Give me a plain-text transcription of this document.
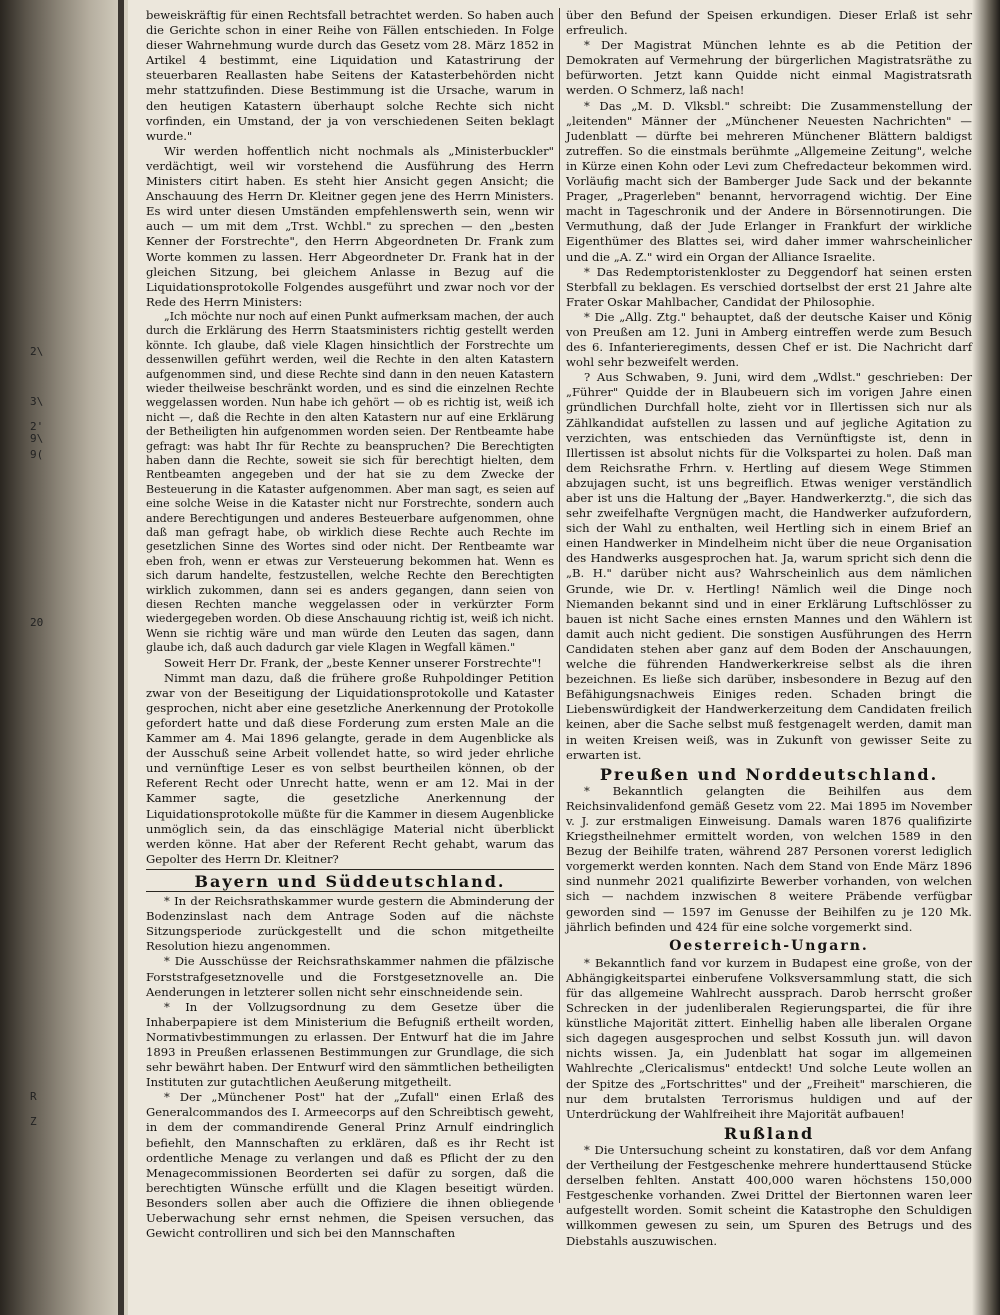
2\
3\
2'
9\
9(
20
R
Z

beweiskräftig für einen Rechtsfall betrachtet werden. So haben auch die Gerichte schon in einer Reihe von Fällen entschieden. In Folge dieser Wahrnehmung wurde durch das Gesetz vom 28. März 1852 in Artikel 4 bestimmt, eine Liquidation und Katastrirung der steuerbaren Reallasten habe Seitens der Katasterbehörden nicht mehr stattzufinden. Diese Bestimmung ist die Ursache, warum in den heutigen Katastern überhaupt solche Rechte sich nicht vorfinden, ein Umstand, der ja von verschiedenen Seiten beklagt wurde."

Wir werden hoffentlich nicht nochmals als „Ministerbuckler" verdächtigt, weil wir vorstehend die Ausführung des Herrn Ministers citirt haben. Es steht hier Ansicht gegen Ansicht; die Anschauung des Herrn Dr. Kleitner gegen jene des Herrn Ministers. Es wird unter diesen Umständen empfehlenswerth sein, wenn wir auch — um mit dem „Trst. Wchbl." zu sprechen — den „besten Kenner der Forstrechte", den Herrn Abgeordneten Dr. Frank zum Worte kommen zu lassen. Herr Abgeordneter Dr. Frank hat in der gleichen Sitzung, bei gleichem Anlasse in Bezug auf die Liquidationsprotokolle Folgendes ausgeführt und zwar noch vor der Rede des Herrn Ministers:

„Ich möchte nur noch auf einen Punkt aufmerksam machen, der auch durch die Erklärung des Herrn Staatsministers richtig gestellt werden könnte. Ich glaube, daß viele Klagen hinsichtlich der Forstrechte um dessenwillen geführt werden, weil die Rechte in den alten Katastern aufgenommen sind, und diese Rechte sind dann in den neuen Katastern wieder theilweise beschränkt worden, und es sind die einzelnen Rechte weggelassen worden. Nun habe ich gehört — ob es richtig ist, weiß ich nicht —, daß die Rechte in den alten Katastern nur auf eine Erklärung der Betheiligten hin aufgenommen worden seien. Der Rentbeamte habe gefragt: was habt Ihr für Rechte zu beanspruchen? Die Berechtigten haben dann die Rechte, soweit sie sich für berechtigt hielten, dem Rentbeamten angegeben und der hat sie zu dem Zwecke der Besteuerung in die Kataster aufgenommen. Aber man sagt, es seien auf eine solche Weise in die Kataster nicht nur Forstrechte, sondern auch andere Berechtigungen und anderes Besteuerbare aufgenommen, ohne daß man gefragt habe, ob wirklich diese Rechte auch Rechte im gesetzlichen Sinne des Wortes sind oder nicht. Der Rentbeamte war eben froh, wenn er etwas zur Versteuerung bekommen hat. Wenn es sich darum handelte, festzustellen, welche Rechte den Berechtigten wirklich zukommen, dann sei es anders gegangen, dann seien von diesen Rechten manche weggelassen oder in verkürzter Form wiedergegeben worden. Ob diese Anschauung richtig ist, weiß ich nicht. Wenn sie richtig wäre und man würde den Leuten das sagen, dann glaube ich, daß auch dadurch gar viele Klagen in Wegfall kämen."

Soweit Herr Dr. Frank, der „beste Kenner unserer Forstrechte"!

Nimmt man dazu, daß die frühere große Ruhpoldinger Petition zwar von der Beseitigung der Liquidationsprotokolle und Kataster gesprochen, nicht aber eine gesetzliche Anerkennung der Protokolle gefordert hatte und daß diese Forderung zum ersten Male an die Kammer am 4. Mai 1896 gelangte, gerade in dem Augenblicke als der Ausschuß seine Arbeit vollendet hatte, so wird jeder ehrliche und vernünftige Leser es von selbst beurtheilen können, ob der Referent Recht oder Unrecht hatte, wenn er am 12. Mai in der Kammer sagte, die gesetzliche Anerkennung der Liquidationsprotokolle müßte für die Kammer in diesem Augenblicke unmöglich sein, da das einschlägige Material nicht überblickt werden könne. Hat aber der Referent Recht gehabt, warum das Gepolter des Herrn Dr. Kleitner?

Bayern und Süddeutschland.

* In der Reichsrathskammer wurde gestern die Abminderung der Bodenzinslast nach dem Antrage Soden auf die nächste Sitzungsperiode zurückgestellt und die schon mitgetheilte Resolution hiezu angenommen.

* Die Ausschüsse der Reichsrathskammer nahmen die pfälzische Forststrafgesetznovelle und die Forstgesetznovelle an. Die Aenderungen in letzterer sollen nicht sehr einschneidende sein.

* In der Vollzugsordnung zu dem Gesetze über die Inhaberpapiere ist dem Ministerium die Befugniß ertheilt worden, Normativbestimmungen zu erlassen. Der Entwurf hat die im Jahre 1893 in Preußen erlassenen Bestimmungen zur Grundlage, die sich sehr bewährt haben. Der Entwurf wird den sämmtlichen betheiligten Instituten zur gutachtlichen Aeußerung mitgetheilt.

* Der „Münchener Post" hat der „Zufall" einen Erlaß des Generalcommandos des I. Armeecorps auf den Schreibtisch geweht, in dem der commandirende General Prinz Arnulf eindringlich befiehlt, den Mannschaften zu erklären, daß es ihr Recht ist ordentliche Menage zu verlangen und daß es Pflicht der zu den Menagecommissionen Beorderten sei dafür zu sorgen, daß die berechtigten Wünsche erfüllt und die Klagen beseitigt würden. Besonders sollen aber auch die Offiziere die ihnen obliegende Ueberwachung sehr ernst nehmen, die Speisen versuchen, das Gewicht controlliren und sich bei den Mannschaften

über den Befund der Speisen erkundigen. Dieser Erlaß ist sehr erfreulich.

* Der Magistrat München lehnte es ab die Petition der Demokraten auf Vermehrung der bürgerlichen Magistratsräthe zu befürworten. Jetzt kann Quidde nicht einmal Magistratsrath werden. O Schmerz, laß nach!

* Das „M. D. Vlksbl." schreibt: Die Zusammenstellung der „leitenden" Männer der „Münchener Neuesten Nachrichten" — Judenblatt — dürfte bei mehreren Münchener Blättern baldigst zutreffen. So die einstmals berühmte „Allgemeine Zeitung", welche in Kürze einen Kohn oder Levi zum Chefredacteur bekommen wird. Vorläufig macht sich der Bamberger Jude Sack und der bekannte Prager, „Pragerleben" benannt, hervorragend wichtig. Der Eine macht in Tageschronik und der Andere in Börsennotirungen. Die Vermuthung, daß der Jude Erlanger in Frankfurt der wirkliche Eigenthümer des Blattes sei, wird daher immer wahrscheinlicher und die „A. Z." wird ein Organ der Alliance Israelite.

* Das Redemptoristenkloster zu Deggendorf hat seinen ersten Sterbfall zu beklagen. Es verschied dortselbst der erst 21 Jahre alte Frater Oskar Mahlbacher, Candidat der Philosophie.

* Die „Allg. Ztg." behauptet, daß der deutsche Kaiser und König von Preußen am 12. Juni in Amberg eintreffen werde zum Besuch des 6. Infanterieregiments, dessen Chef er ist. Die Nachricht darf wohl sehr bezweifelt werden.

? Aus Schwaben, 9. Juni, wird dem „Wdlst." geschrieben: Der „Führer" Quidde der in Blaubeuern sich im vorigen Jahre einen gründlichen Durchfall holte, zieht vor in Illertissen sich nur als Zählkandidat aufstellen zu lassen und auf jegliche Agitation zu verzichten, was entschieden das Vernünftigste ist, denn in Illertissen ist absolut nichts für die Volkspartei zu holen. Daß man dem Reichsrathe Frhrn. v. Hertling auf diesem Wege Stimmen abzujagen sucht, ist uns begreiflich. Etwas weniger verständlich aber ist uns die Haltung der „Bayer. Handwerkerztg.", die sich das sehr zweifelhafte Vergnügen macht, die Handwerker aufzufordern, sich der Wahl zu enthalten, weil Hertling sich in einem Brief an einen Handwerker in Mindelheim nicht über die neue Organisation des Handwerks ausgesprochen hat. Ja, warum spricht sich denn die „B. H." darüber nicht aus? Wahrscheinlich aus dem nämlichen Grunde, wie Dr. v. Hertling! Nämlich weil die Dinge noch Niemanden bekannt sind und in einer Erklärung Luftschlösser zu bauen ist nicht Sache eines ernsten Mannes und den Wählern ist damit auch nicht gedient. Die sonstigen Ausführungen des Herrn Candidaten stehen aber ganz auf dem Boden der Anschauungen, welche die führenden Handwerkerkreise selbst als die ihren bezeichnen. Es ließe sich darüber, insbesondere in Bezug auf den Befähigungsnachweis Einiges reden. Schaden bringt die Liebenswürdigkeit der Handwerkerzeitung dem Candidaten freilich keinen, aber die Sache selbst muß festgenagelt werden, damit man in weiten Kreisen weiß, was in Zukunft von gewisser Seite zu erwarten ist.

Preußen und Norddeutschland.

* Bekanntlich gelangten die Beihilfen aus dem Reichsinvalidenfond gemäß Gesetz vom 22. Mai 1895 im November v. J. zur erstmaligen Einweisung. Damals waren 1876 qualifizirte Kriegstheilnehmer ermittelt worden, von welchen 1589 in den Bezug der Beihilfe traten, während 287 Personen vorerst lediglich vorgemerkt werden konnten. Nach dem Stand von Ende März 1896 sind nunmehr 2021 qualifizirte Bewerber vorhanden, von welchen sich — nachdem inzwischen 8 weitere Präbende verfügbar geworden sind — 1597 im Genusse der Beihilfen zu je 120 Mk. jährlich befinden und 424 für eine solche vorgemerkt sind.

Oesterreich-Ungarn.

* Bekanntlich fand vor kurzem in Budapest eine große, von der Abhängigkeitspartei einberufene Volksversammlung statt, die sich für das allgemeine Wahlrecht aussprach. Darob herrscht großer Schrecken in der judenliberalen Regierungspartei, die für ihre künstliche Majorität zittert. Einhellig haben alle liberalen Organe sich dagegen ausgesprochen und selbst Kossuth jun. will davon nichts wissen. Ja, ein Judenblatt hat sogar im allgemeinen Wahlrechte „Clericalismus" entdeckt! Und solche Leute wollen an der Spitze des „Fortschrittes" und der „Freiheit" marschieren, die nur dem brutalsten Terrorismus huldigen und auf der Unterdrückung der Wahlfreiheit ihre Majorität aufbauen!

Rußland

* Die Untersuchung scheint zu konstatiren, daß vor dem Anfang der Vertheilung der Festgeschenke mehrere hunderttausend Stücke derselben fehlten. Anstatt 400,000 waren höchstens 150,000 Festgeschenke vorhanden. Zwei Drittel der Biertonnen waren leer aufgestellt worden. Somit scheint die Katastrophe den Schuldigen willkommen gewesen zu sein, um Spuren des Betrugs und des Diebstahls auszuwischen.
